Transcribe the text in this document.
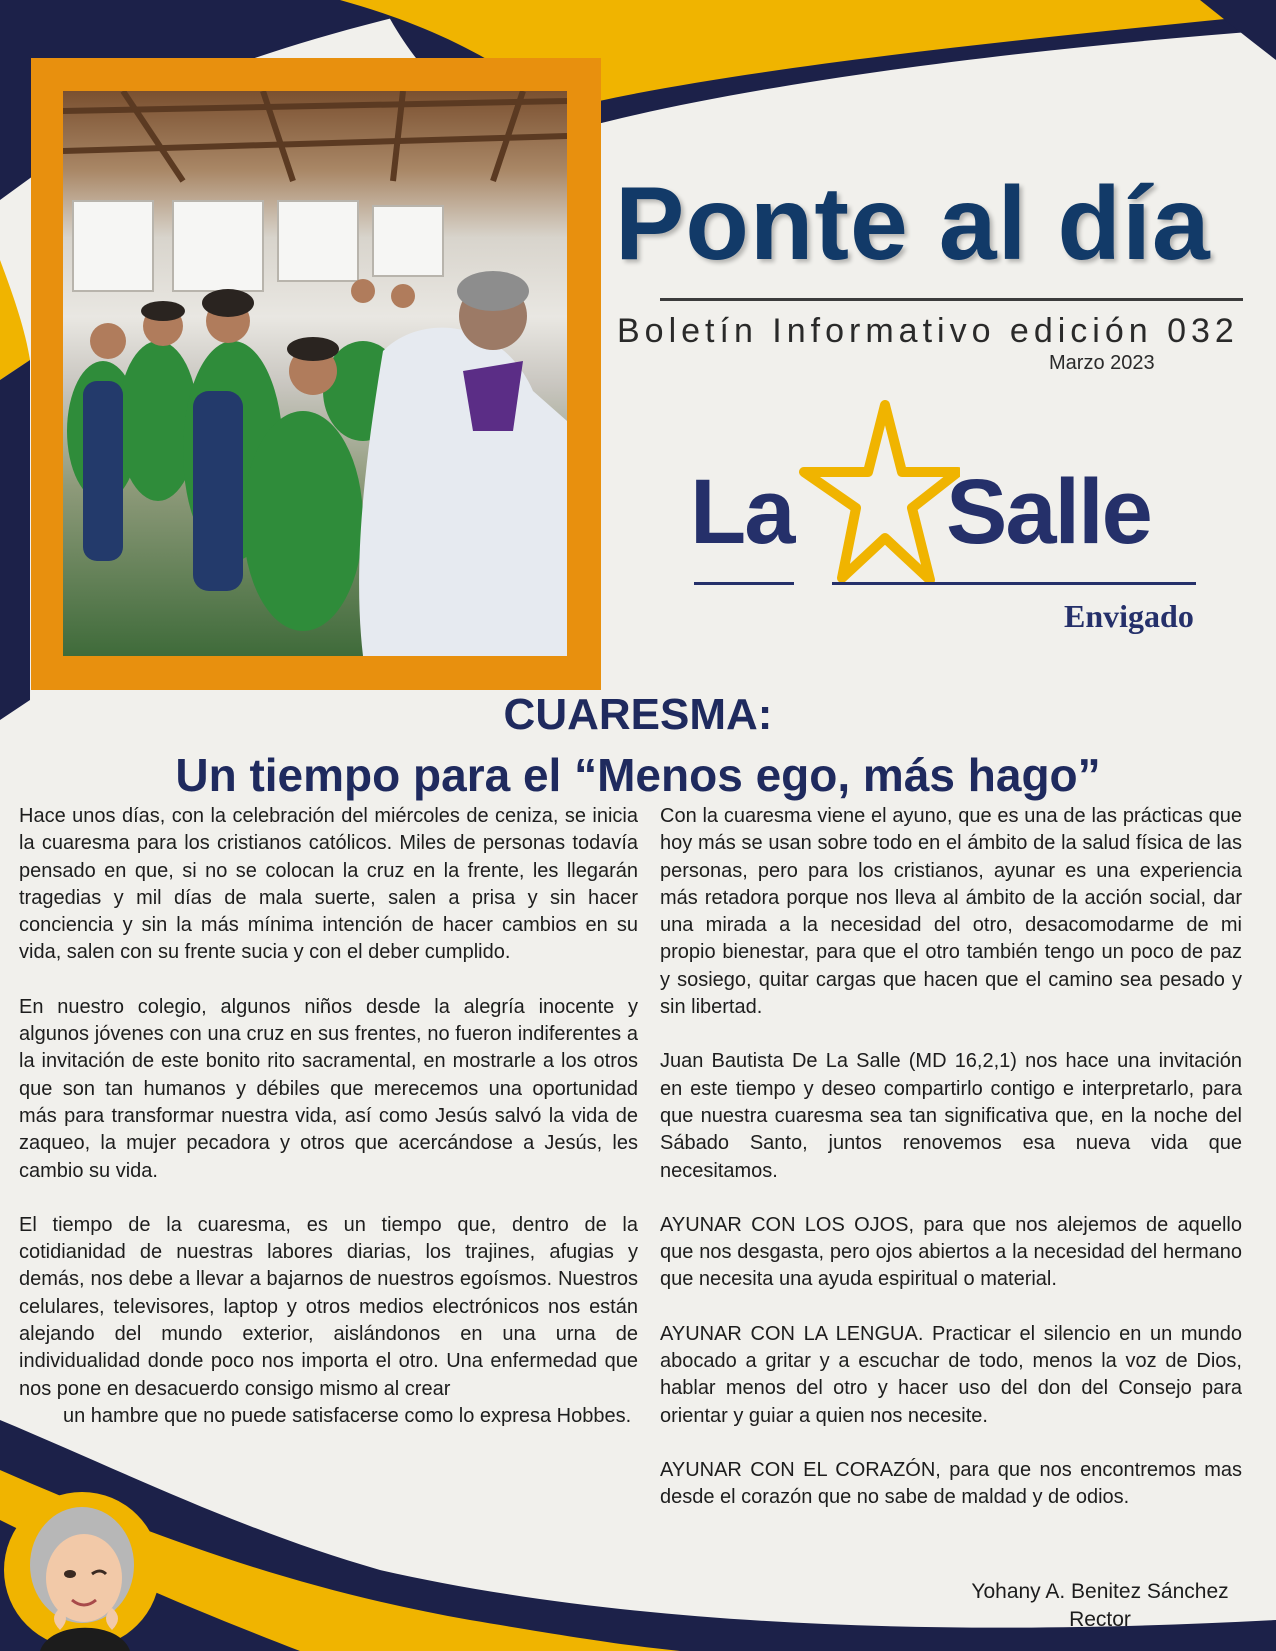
Ponte al día
Boletín Informativo edición 032
Marzo 2023
La Salle
Envigado
CUARESMA:
Un tiempo para el “Menos ego, más hago”

Hace unos días, con la celebración del miércoles de ceniza, se inicia la cuaresma para los cristianos católicos. Miles de personas todavía pensado en que, si no se colocan la cruz en la frente, les llegarán tragedias y mil días de mala suerte, salen a prisa y sin hacer conciencia y sin la más mínima intención de hacer cambios en su vida, salen con su frente sucia y con el deber cumplido.

En nuestro colegio, algunos niños desde la alegría inocente y algunos jóvenes con una cruz en sus frentes, no fueron indiferentes a la invitación de este bonito rito sacramental, en mostrarle a los otros que son tan humanos y débiles que merecemos una oportunidad más para transformar nuestra vida, así como Jesús salvó la vida de zaqueo, la mujer pecadora y otros que acercándose a Jesús, les cambio su vida.

El tiempo de la cuaresma, es un tiempo que, dentro de la cotidianidad de nuestras labores diarias, los trajines, afugias y demás, nos debe a llevar a bajarnos de nuestros egoísmos. Nuestros celulares, televisores, laptop y otros medios electrónicos nos están alejando del mundo exterior, aislándonos en una urna de individualidad donde poco nos importa el otro. Una enfermedad que nos pone en desacuerdo consigo mismo al crear

un hambre que no puede satisfacerse como lo expresa Hobbes.

Con la cuaresma viene el ayuno, que es una de las prácticas que hoy más se usan sobre todo en el ámbito de la salud física de las personas, pero para los cristianos, ayunar es una experiencia más retadora porque nos lleva al ámbito de la acción social, dar una mirada a la necesidad del otro, desacomodarme de mi propio bienestar, para que el otro también tengo un poco de paz y sosiego, quitar cargas que hacen que el camino sea pesado y sin libertad.

Juan Bautista De La Salle (MD 16,2,1) nos hace una invitación en este tiempo y deseo compartirlo contigo e interpretarlo, para que nuestra cuaresma sea tan significativa que, en la noche del Sábado Santo, juntos renovemos esa nueva vida que necesitamos.

AYUNAR CON LOS OJOS, para que nos alejemos de aquello que nos desgasta, pero ojos abiertos a la necesidad del hermano que necesita una ayuda espiritual o material.

AYUNAR CON LA LENGUA. Practicar el silencio en un mundo abocado a gritar y a escuchar de todo, menos la voz de Dios, hablar menos del otro y hacer uso del don del Consejo para orientar y guiar a quien nos necesite.

AYUNAR CON EL CORAZÓN, para que nos encontremos mas desde el corazón que no sabe de maldad y de odios.

Yohany A. Benitez Sánchez
Rector
